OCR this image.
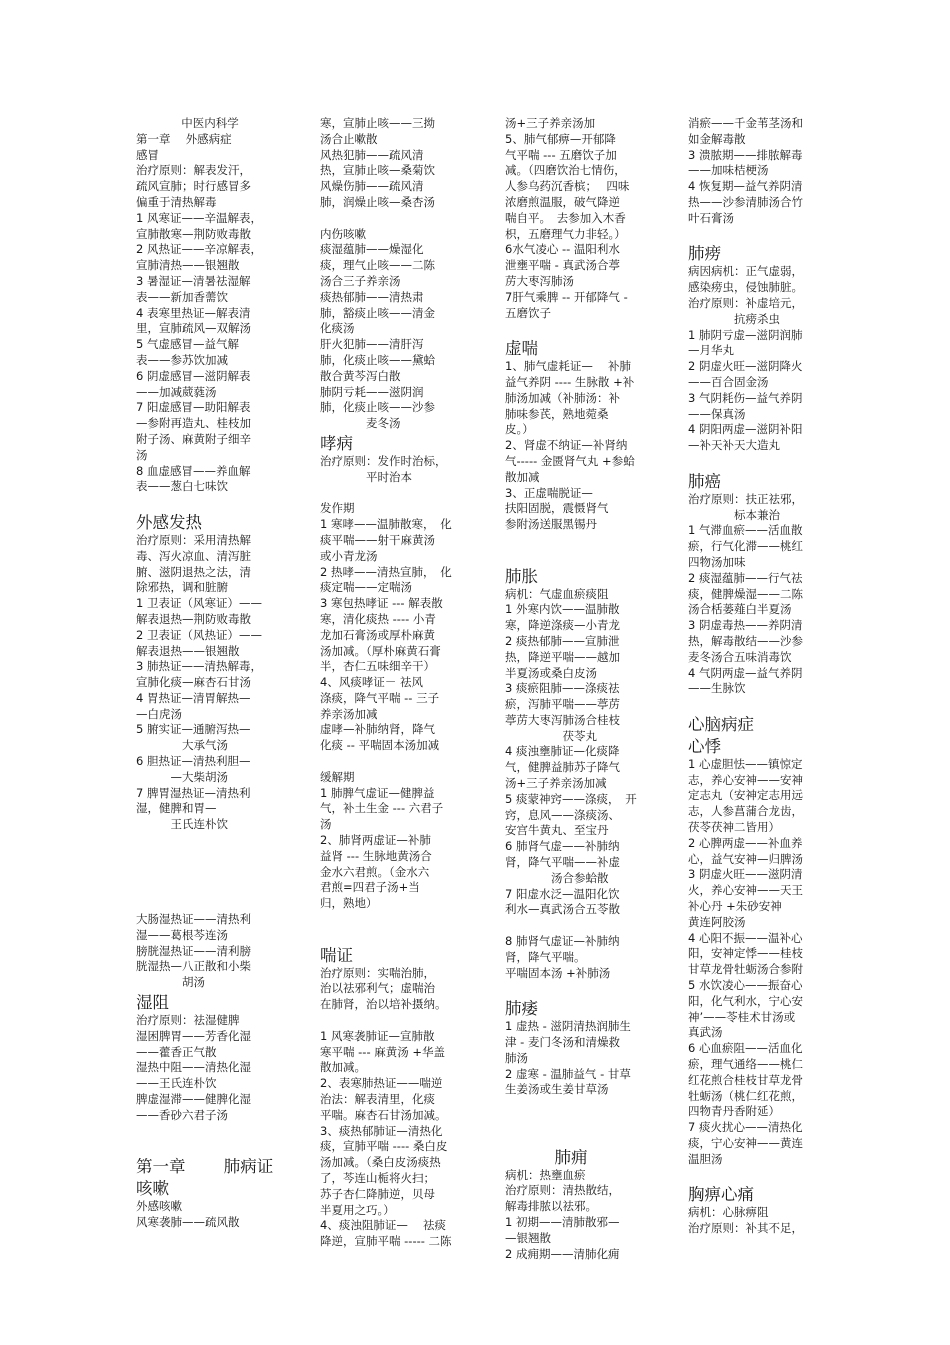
中医内科学
第一章　 外感病症
感冒
治疗原则：解表发汗，
疏风宣肺；时行感冒多
偏重于清热解毒
1 风寒证——辛温解表，
宣肺散寒—荆防败毒散
2 风热证——辛凉解表，
宣肺清热——银翘散
3 暑湿证—清暑祛湿解
表——新加香薷饮
4 表寒里热证—解表清
里，宣肺疏风—双解汤
5 气虚感冒—益气解
表——参苏饮加减
6 阴虚感冒—滋阴解表
——加减葳蕤汤
7 阳虚感冒—助阳解表
—参附再造丸、桂枝加
附子汤、麻黄附子细辛
汤
8 血虚感冒——养血解
表——葱白七味饮
外感发热
治疗原则：采用清热解
毒、泻火凉血、清泻脏
腑、滋阴退热之法，清
除邪热，调和脏腑
1 卫表证（风寒证）——
解表退热—荆防败毒散
2 卫表证（风热证）——
解表退热——银翘散
3 肺热证——清热解毒，
宣肺化痰—麻杏石甘汤
4 胃热证—清胃解热—
—白虎汤
5 腑实证—通腑泻热—
　　　　大承气汤
6 胆热证—清热利胆—
　　　—大柴胡汤
7 脾胃湿热证—清热利
湿，健脾和胃—
　　　王氏连朴饮
大肠湿热证——清热利
湿——葛根芩连汤
膀胱湿热证——清利膀
胱湿热—八正散和小柴
　　　　胡汤
湿阻
治疗原则：祛湿健脾
湿困脾胃——芳香化湿
——藿香正气散
湿热中阻——清热化湿
——王氏连朴饮
脾虚湿滞——健脾化湿
——香砂六君子汤
第一章　　 肺病证
咳嗽
外感咳嗽
风寒袭肺——疏风散
寒，宣肺止咳——三拗
汤合止嗽散
风热犯肺——疏风清
热，宣肺止咳—桑菊饮
风燥伤肺——疏风清
肺，润燥止咳—桑杏汤
内伤咳嗽
痰湿蕴肺——燥湿化
痰，理气止咳——二陈
汤合三子养亲汤
痰热郁肺——清热肃
肺，豁痰止咳——清金
化痰汤
肝火犯肺——清肝泻
肺，化痰止咳——黛蛤
散合黄芩泻白散
肺阴亏耗——滋阴润
肺，化痰止咳——沙参
　　　　麦冬汤
哮病
治疗原则：发作时治标，
　　　　平时治本
发作期
1 寒哮——温肺散寒，　化
痰平喘——射干麻黄汤
或小青龙汤
2 热哮——清热宣肺，　化
痰定喘——定喘汤
3 寒包热哮证 --- 解表散
寒，清化痰热 ---- 小青
龙加石膏汤或厚朴麻黄
汤加减。（厚朴麻黄石膏
半，杏仁五味细辛干）
4、风痰哮证－ 祛风
涤痰，降气平喘 -- 三子
养亲汤加减
虚哮—补肺纳肾，降气
化痰 -- 平喘固本汤加减
缓解期
1 肺脾气虚证—健脾益
气，补土生金 --- 六君子
汤
2、肺肾两虚证—补肺
益肾 --- 生脉地黄汤合
金水六君煎。（金水六
君煎=四君子汤+当
归，熟地）
喘证
治疗原则：实喘治肺，
治以祛邪利气；虚喘治
在肺肾，治以培补摄纳。
1 风寒袭肺证—宣肺散
寒平喘 --- 麻黄汤 +华盖
散加减。
2、表寒肺热证——喘逆
治法：解表清里，化痰
平喘。麻杏石甘汤加减。
3、痰热郁肺证—清热化
痰，宣肺平喘 ---- 桑白皮
汤加减。（桑白皮汤痰热
了，芩连山栀将火扫；
苏子杏仁降肺逆，贝母
半夏用之巧。）
4、痰浊阻肺证—　 祛痰
降逆，宣肺平喘 ----- 二陈
汤+三子养亲汤加
5、肺气郁痹—开郁降
气平喘 --- 五磨饮子加
减。（四磨饮治七情伤，
人参乌药沉香槟；　 四味
浓磨煎温服，破气降逆
喘自平。　去参加入木香
枳，五磨理气力非轻。）
6水气凌心 -- 温阳利水
泄壅平喘 - 真武汤合葶
苈大枣泻肺汤
7肝气乘脾 -- 开郁降气 -
五磨饮子
虚喘
1、肺气虚耗证—　 补肺
益气养阴 ---- 生脉散 +补
肺汤加减（补肺汤：补
肺味参芪，熟地菀桑
皮。）
2、肾虚不纳证—补肾纳
气----- 金匮肾气丸 +参蛤
散加减
3、正虚喘脱证—
扶阳固脱，震慑肾气
参附汤送服黑锡丹
肺胀
病机：气虚血瘀痰阻
1 外寒内饮——温肺散
寒，降逆涤痰—小青龙
2 痰热郁肺——宣肺泄
热，降逆平喘——越加
半夏汤或桑白皮汤
3 痰瘀阻肺——涤痰祛
瘀，泻肺平喘——葶苈
葶苈大枣泻肺汤合桂枝
　　　　　茯苓丸
4 痰浊壅肺证—化痰降
气，健脾益肺苏子降气
汤+三子养亲汤加减
5 痰蒙神窍——涤痰，　开
窍，息风——涤痰汤、
安宫牛黄丸、至宝丹
6 肺肾气虚——补肺纳
肾，降气平喘——补虚
　　　　汤合参蛤散
7 阳虚水泛—温阳化饮
利水—真武汤合五苓散
8 肺肾气虚证—补肺纳
肾，降气平喘。
平喘固本汤 +补肺汤
肺痿
1 虚热 - 滋阴清热润肺生
津 - 麦门冬汤和清燥救
肺汤
2 虚寒 - 温肺益气 - 甘草
生姜汤或生姜甘草汤
　　　肺痈
病机：热壅血瘀
治疗原则：清热散结，
解毒排脓以祛邪。
1 初期——清肺散邪—
—银翘散
2 成痈期——清肺化痈
消瘀——千金苇茎汤和
如金解毒散
3 溃脓期——排脓解毒
——加味桔梗汤
4 恢复期—益气养阴清
热——沙参清肺汤合竹
叶石膏汤
肺痨
病因病机：正气虚弱，
感染痨虫，侵蚀肺脏。
治疗原则：补虚培元，
　　　　抗痨杀虫
1 肺阴亏虚—滋阴润肺
—月华丸
2 阴虚火旺—滋阴降火
——百合固金汤
3 气阴耗伤—益气养阴
——保真汤
4 阴阳两虚—滋阴补阳
—补天补天大造丸
肺癌
治疗原则：扶正祛邪，
　　　　标本兼治
1 气滞血瘀——活血散
瘀，行气化滞——桃红
四物汤加味
2 痰湿蕴肺——行气祛
痰，健脾燥湿——二陈
汤合栝蒌薤白半夏汤
3 阴虚毒热——养阴清
热，解毒散结——沙参
麦冬汤合五味消毒饮
4 气阴两虚—益气养阴
——生脉饮
心脑病症
心悸
1 心虚胆怯——镇惊定
志，养心安神——安神
定志丸（安神定志用远
志，人参菖蒲合龙齿，
茯苓茯神二皆用）
2 心脾两虚——补血养
心，益气安神—归脾汤
3 阴虚火旺——滋阴清
火，养心安神——天王
补心丹 +朱砂安神
黄连阿胶汤
4 心阳不振——温补心
阳，安神定悸——桂枝
甘草龙骨牡蛎汤合参附
5 水饮凌心——振奋心
阳，化气利水，宁心安
神’——苓桂术甘汤或
真武汤
6 心血瘀阻——活血化
瘀，理气通络——桃仁
红花煎合桂枝甘草龙骨
牡蛎汤（桃仁红花煎，
四物青丹香附延）
7 痰火扰心——清热化
痰，宁心安神——黄连
温胆汤
胸痹心痛
病机：心脉痹阻
治疗原则：补其不足，
